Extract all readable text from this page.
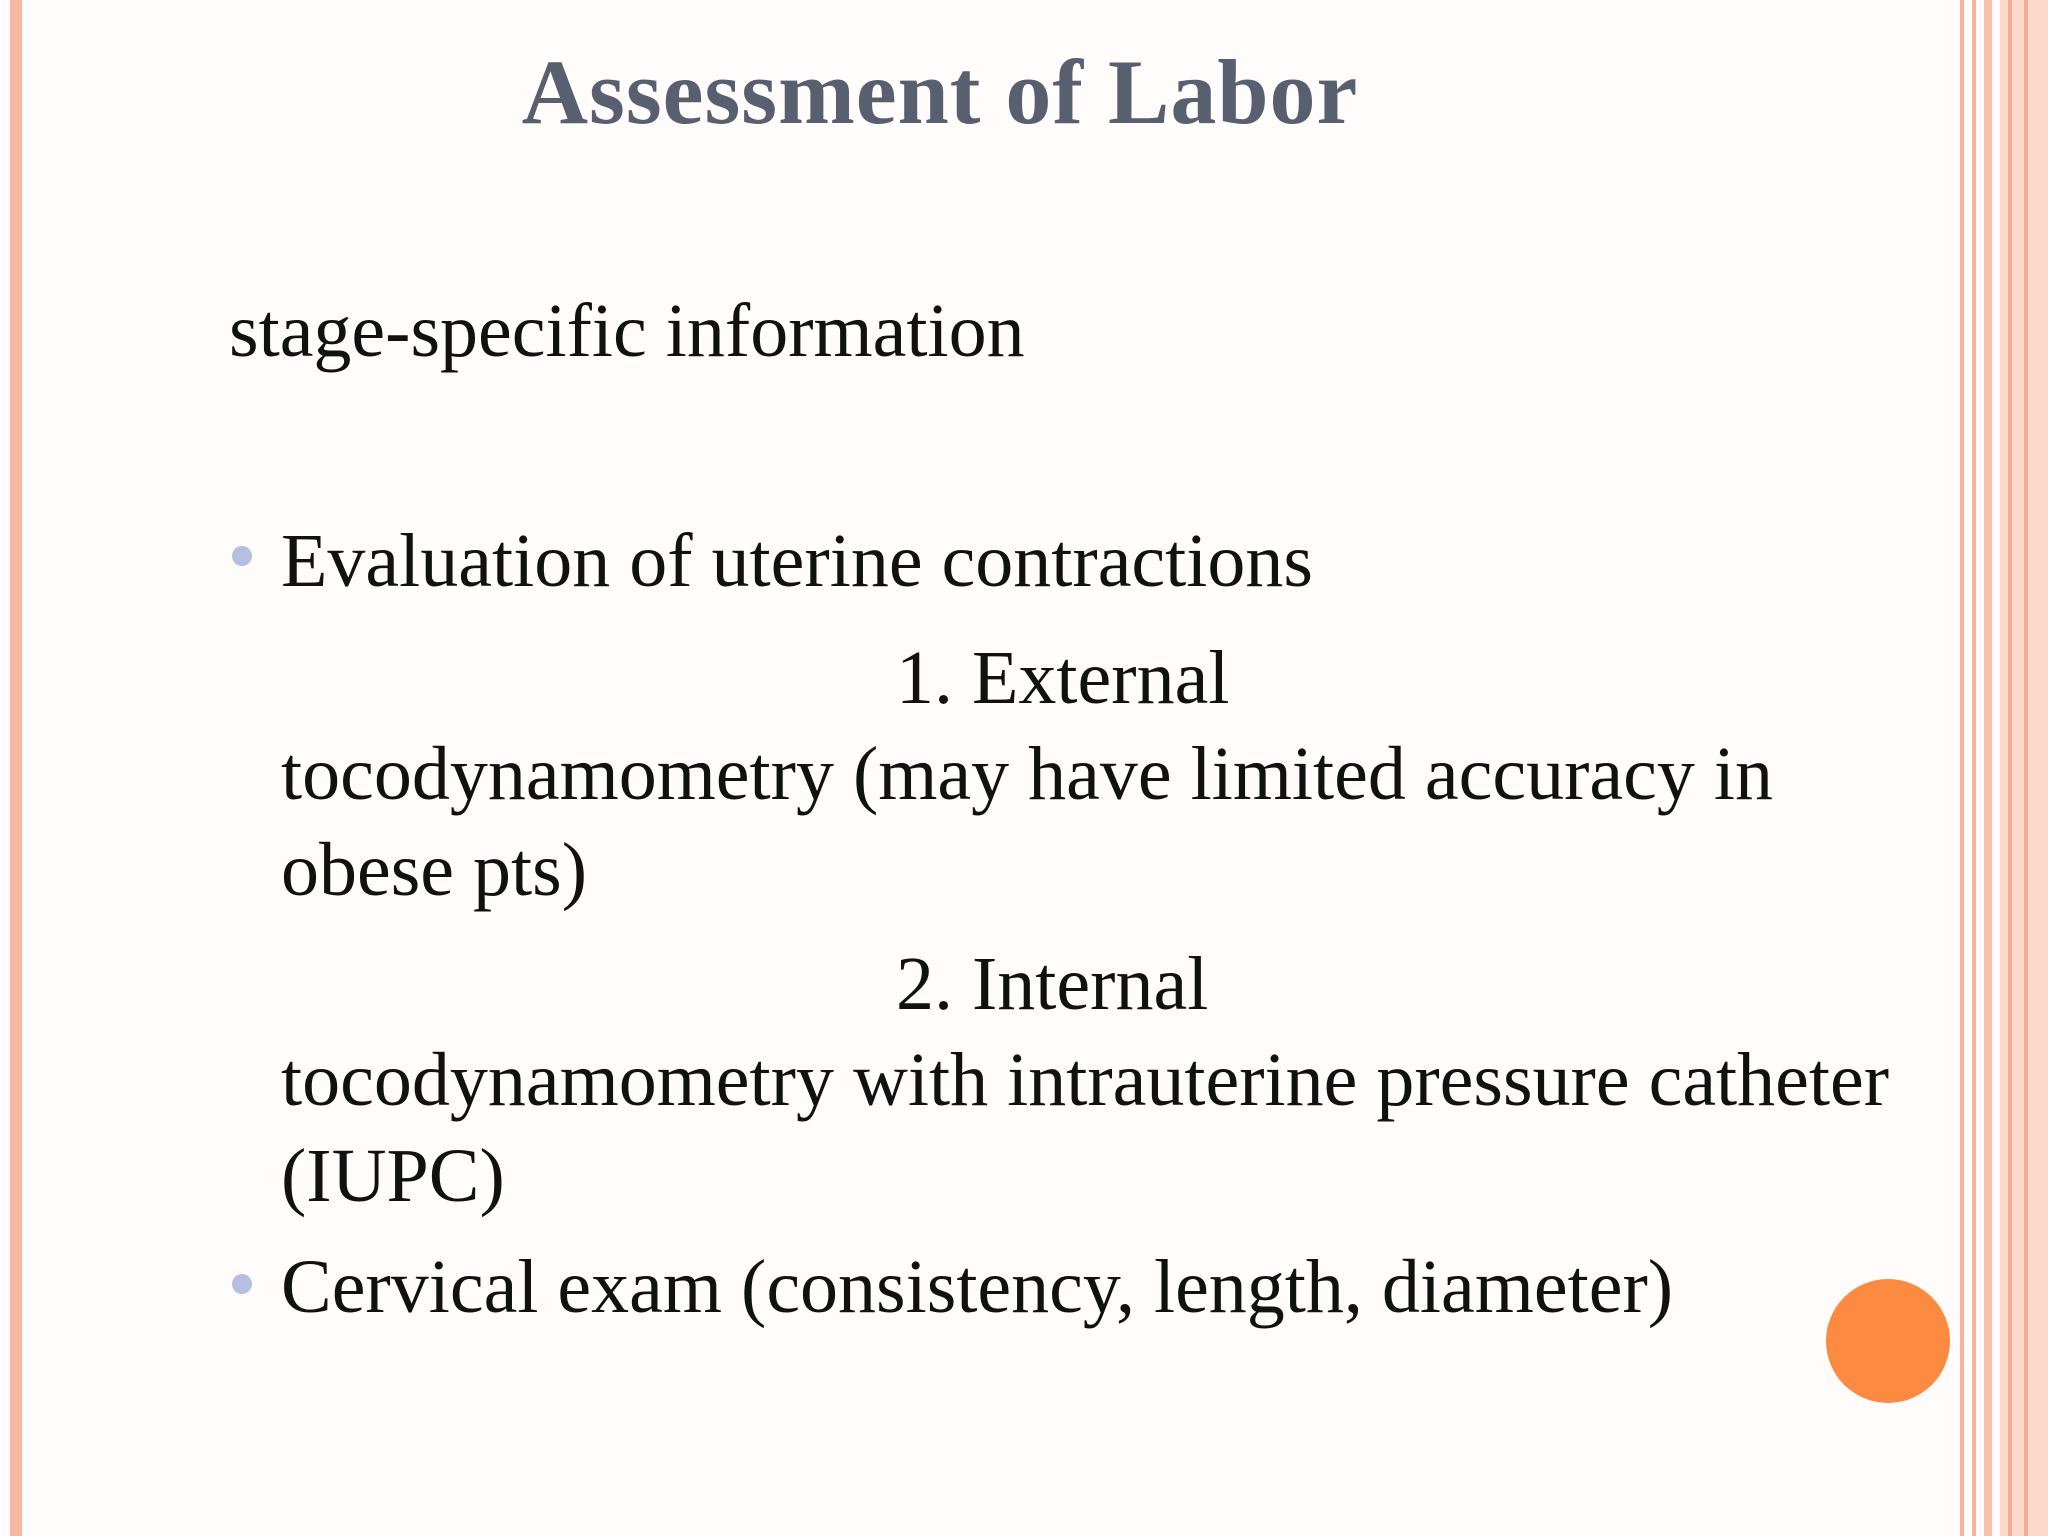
Assessment of Labor
stage-specific information
Evaluation of uterine contractions
1. External
tocodynamometry (may have limited accuracy in obese pts)
2. Internal
tocodynamometry with intrauterine pressure catheter (IUPC)
Cervical exam (consistency, length, diameter)
